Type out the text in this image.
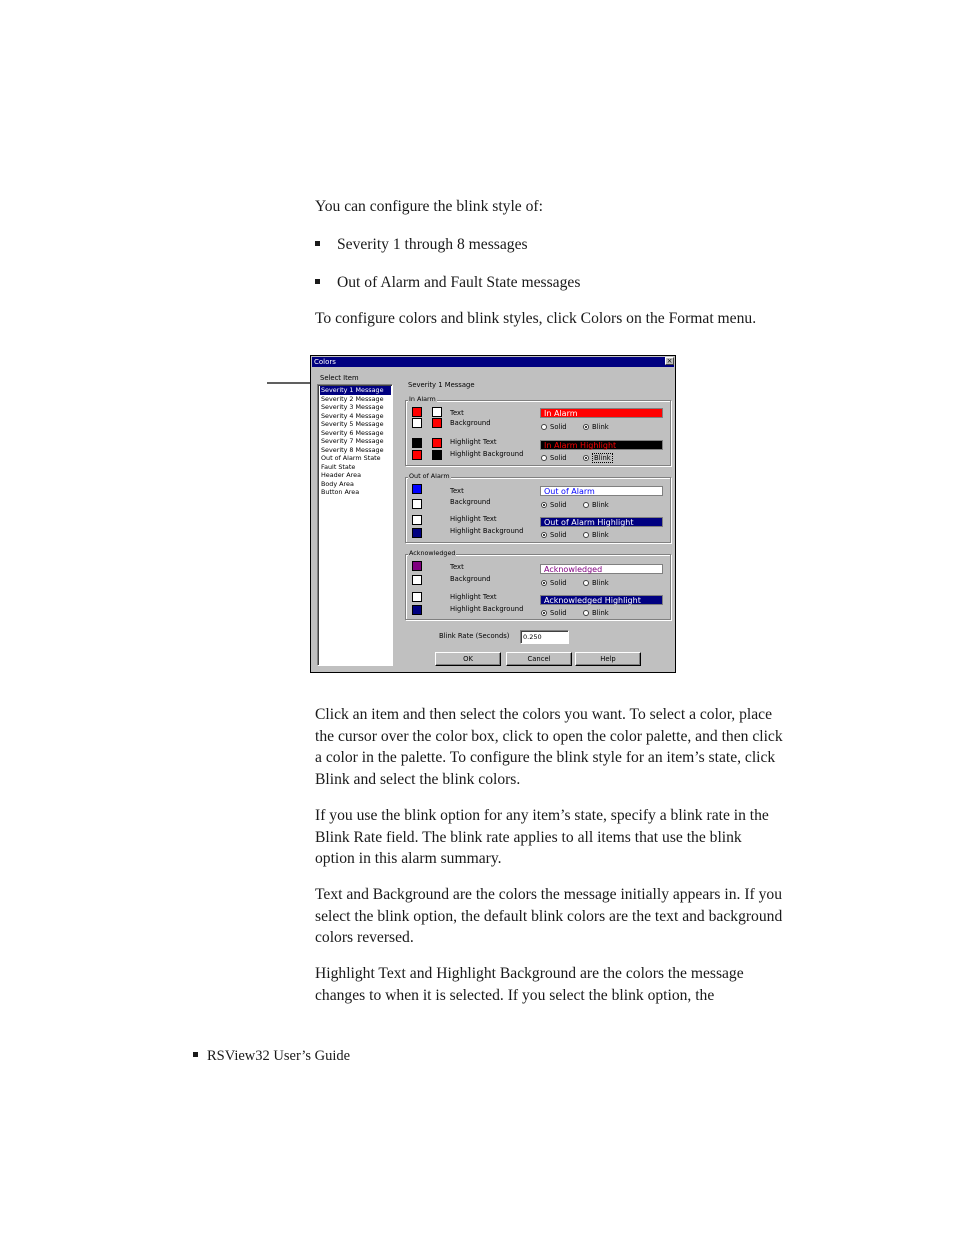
You can configure the blink style of:

Severity 1 through 8 messages
Out of Alarm and Fault State messages

To configure colors and blink styles, click Colors on the Format menu.

Colors	×
Select Item
Severity 1 Message
Severity 2 Message
Severity 3 Message
Severity 4 Message
Severity 5 Message
Severity 6 Message
Severity 7 Message
Severity 8 Message
Out of Alarm State
Fault State
Header Area
Body Area
Button Area
Severity 1 Message
In Alarm
Text
Background
In Alarm
Solid	Blink
Highlight Text
Highlight Background
In Alarm Highlight
Solid	Blink
Out of Alarm
Text
Background
Out of Alarm
Solid	Blink
Highlight Text
Highlight Background
Out of Alarm Highlight
Solid	Blink
Acknowledged
Text
Background
Acknowledged
Solid	Blink
Highlight Text
Highlight Background
Acknowledged Highlight
Solid	Blink
Blink Rate (Seconds)	0.250
OK	Cancel	Help

Click an item and then select the colors you want. To select a color, place the cursor over the color box, click to open the color palette, and then click a color in the palette. To configure the blink style for an item’s state, click Blink and select the blink colors.

If you use the blink option for any item’s state, specify a blink rate in the Blink Rate field. The blink rate applies to all items that use the blink option in this alarm summary.

Text and Background are the colors the message initially appears in. If you select the blink option, the default blink colors are the text and background colors reversed.

Highlight Text and Highlight Background are the colors the message changes to when it is selected. If you select the blink option, the

RSView32 User’s Guide
